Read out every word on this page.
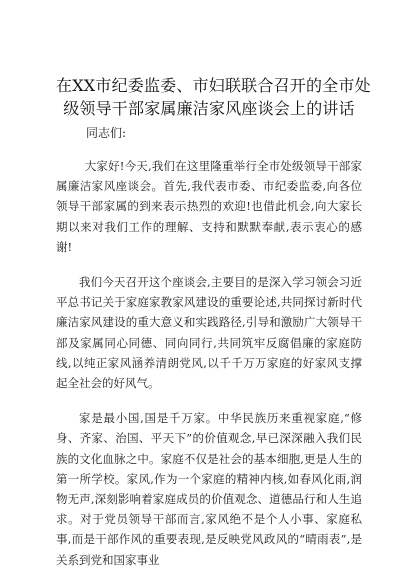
在XX市纪委监委、市妇联联合召开的全市处
级领导干部家属廉洁家风座谈会上的讲话

同志们:

大家好!今天,我们在这里隆重举行全市处级领导干部家属廉洁家风座谈会。首先,我代表市委、市纪委监委,向各位领导干部家属的到来表示热烈的欢迎!也借此机会,向大家长期以来对我们工作的理解、支持和默默奉献,表示衷心的感谢!

我们今天召开这个座谈会,主要目的是深入学习领会习近平总书记关于家庭家教家风建设的重要论述,共同探讨新时代廉洁家风建设的重大意义和实践路径,引导和激励广大领导干部及家属同心同德、同向同行,共同筑牢反腐倡廉的家庭防线,以纯正家风涵养清朗党风,以千千万万家庭的好家风支撑起全社会的好风气。

家是最小国,国是千万家。中华民族历来重视家庭,“修身、齐家、治国、平天下”的价值观念,早已深深融入我们民族的文化血脉之中。家庭不仅是社会的基本细胞,更是人生的第一所学校。家风,作为一个家庭的精神内核,如春风化雨,润物无声,深刻影响着家庭成员的价值观念、道德品行和人生追求。对于党员领导干部而言,家风绝不是个人小事、家庭私事,而是干部作风的重要表现,是反映党风政风的“晴雨表”,是关系到党和国家事业
